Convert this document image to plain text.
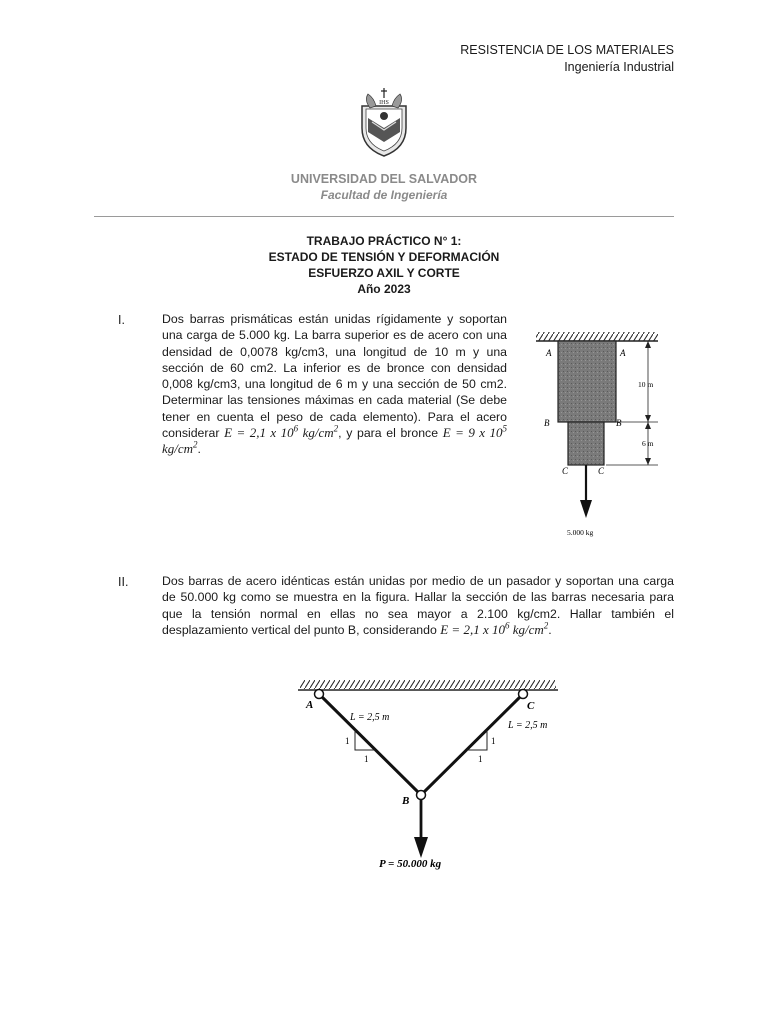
RESISTENCIA DE LOS MATERIALES
Ingeniería Industrial
IHS
UNIVERSIDAD DEL SALVADOR
Facultad de Ingeniería
TRABAJO PRÁCTICO N° 1:
ESTADO DE TENSIÓN Y DEFORMACIÓN
ESFUERZO AXIL Y CORTE
Año 2023
I.	Dos barras prismáticas están unidas rígidamente y soportan una carga de 5.000 kg. La barra superior es de acero con una densidad de 0,0078 kg/cm3, una longitud de 10 m y una sección de 60 cm2. La inferior es de bronce con densidad 0,008 kg/cm3, una longitud de 6 m y una sección de 50 cm2. Determinar las tensiones máximas en cada material (Se debe tener en cuenta el peso de cada elemento). Para el acero considerar E = 2,1 x $10^6$ $kg/cm^2$, y para el bronce E = 9 x $10^5$ $kg/cm^2$.
A	A
B	B
C	C
10 m
6 m
5.000 kg
II.	Dos barras de acero idénticas están unidas por medio de un pasador y soportan una carga de 50.000 kg como se muestra en la figura. Hallar la sección de las barras necesaria para que la tensión normal en ellas no sea mayor a 2.100 kg/cm2. Hallar también el desplazamiento vertical del punto B, considerando E = 2,1 x $10^6$ $kg/cm^2$.
A	C
B
L = 2,5 m
L = 2,5 m
1
1
1
1
P = 50.000 kg
